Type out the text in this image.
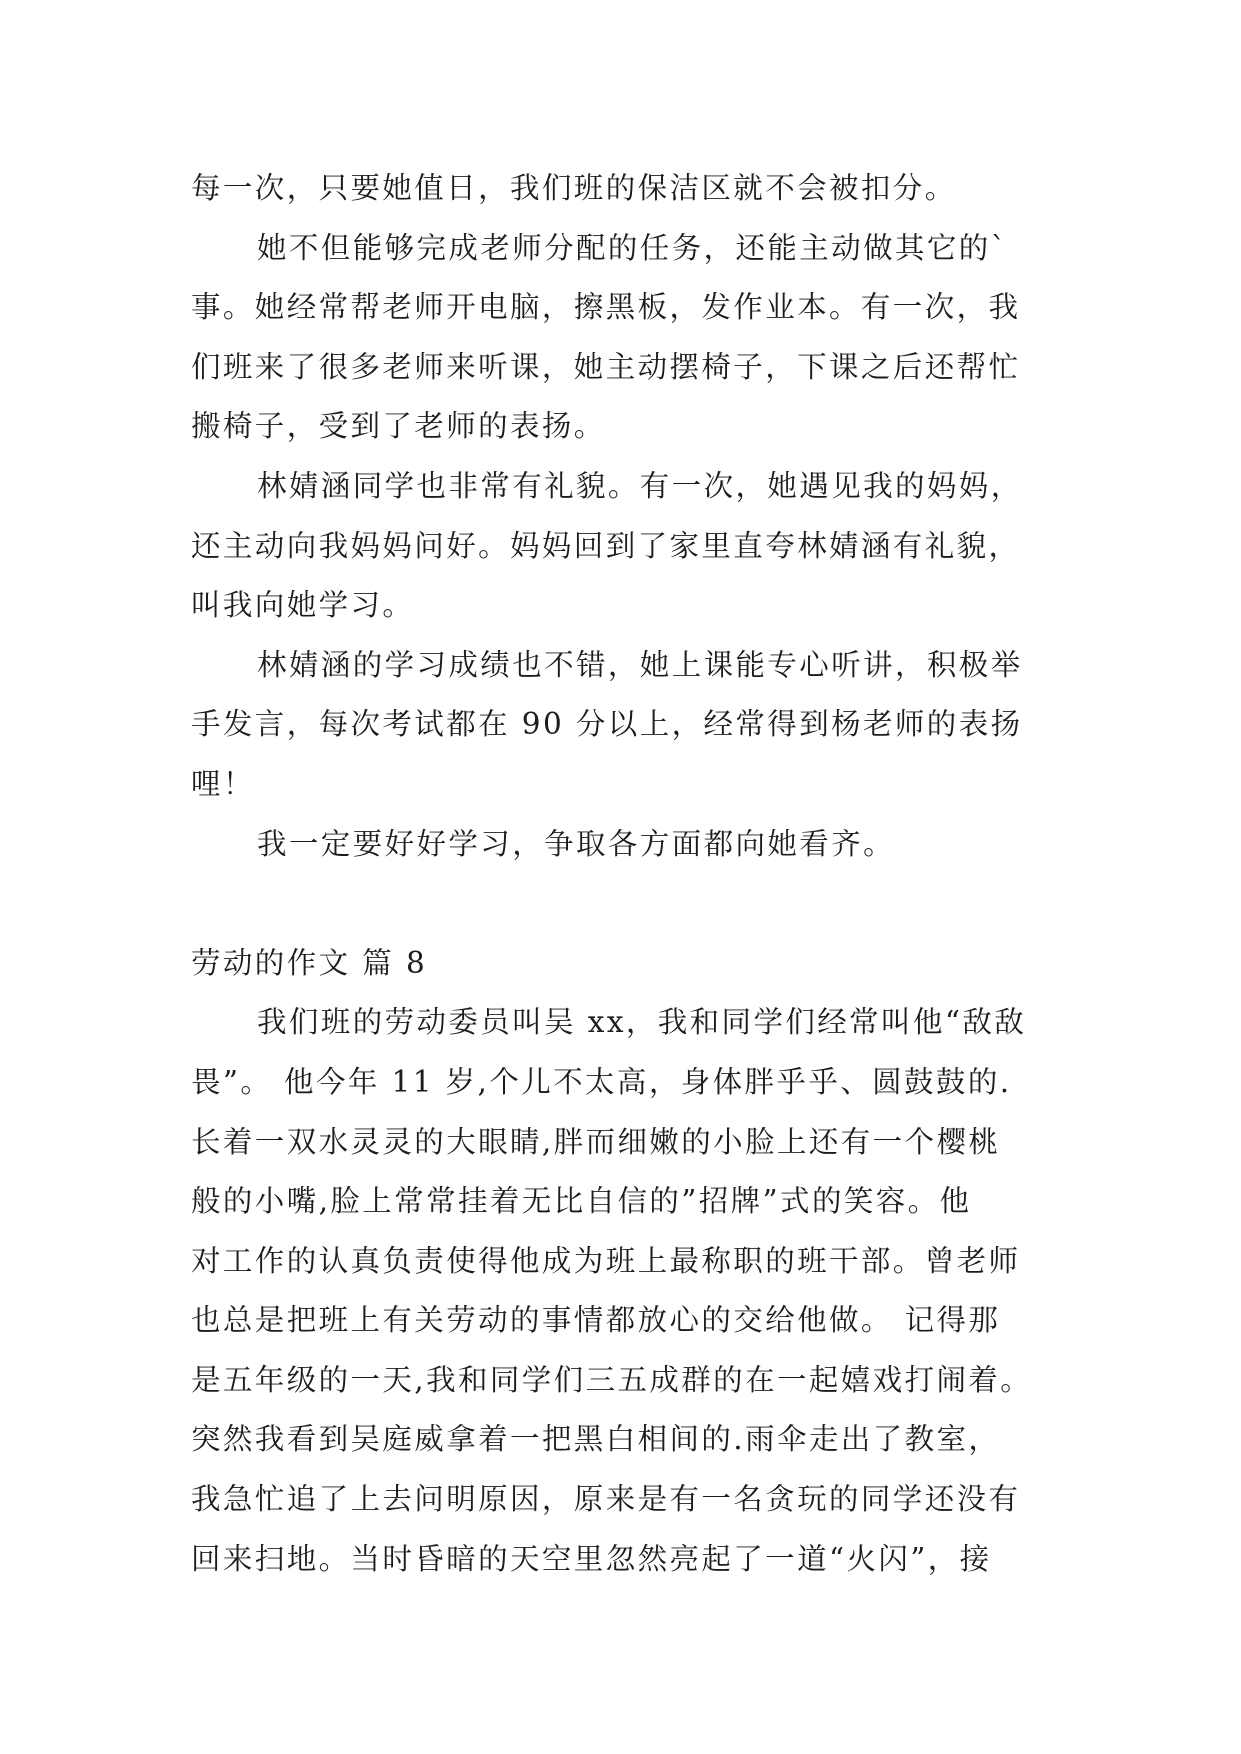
每一次，只要她值日，我们班的保洁区就不会被扣分。
她不但能够完成老师分配的任务，还能主动做其它的`
事。她经常帮老师开电脑，擦黑板，发作业本。有一次，我
们班来了很多老师来听课，她主动摆椅子，下课之后还帮忙
搬椅子，受到了老师的表扬。
林婧涵同学也非常有礼貌。有一次，她遇见我的妈妈，
还主动向我妈妈问好。妈妈回到了家里直夸林婧涵有礼貌，
叫我向她学习。
林婧涵的学习成绩也不错，她上课能专心听讲，积极举
手发言，每次考试都在 90 分以上，经常得到杨老师的表扬
哩！
我一定要好好学习，争取各方面都向她看齐。
劳动的作文 篇 8
我们班的劳动委员叫吴 xx，我和同学们经常叫他“敌敌
畏”。 他今年 11 岁,个儿不太高，身体胖乎乎、圆鼓鼓的.
长着一双水灵灵的大眼睛,胖而细嫩的小脸上还有一个樱桃
般的小嘴,脸上常常挂着无比自信的”招牌”式的笑容。他
对工作的认真负责使得他成为班上最称职的班干部。曾老师
也总是把班上有关劳动的事情都放心的交给他做。 记得那
是五年级的一天,我和同学们三五成群的在一起嬉戏打闹着。
突然我看到吴庭威拿着一把黑白相间的.雨伞走出了教室，
我急忙追了上去问明原因，原来是有一名贪玩的同学还没有
回来扫地。当时昏暗的天空里忽然亮起了一道“火闪”，接
